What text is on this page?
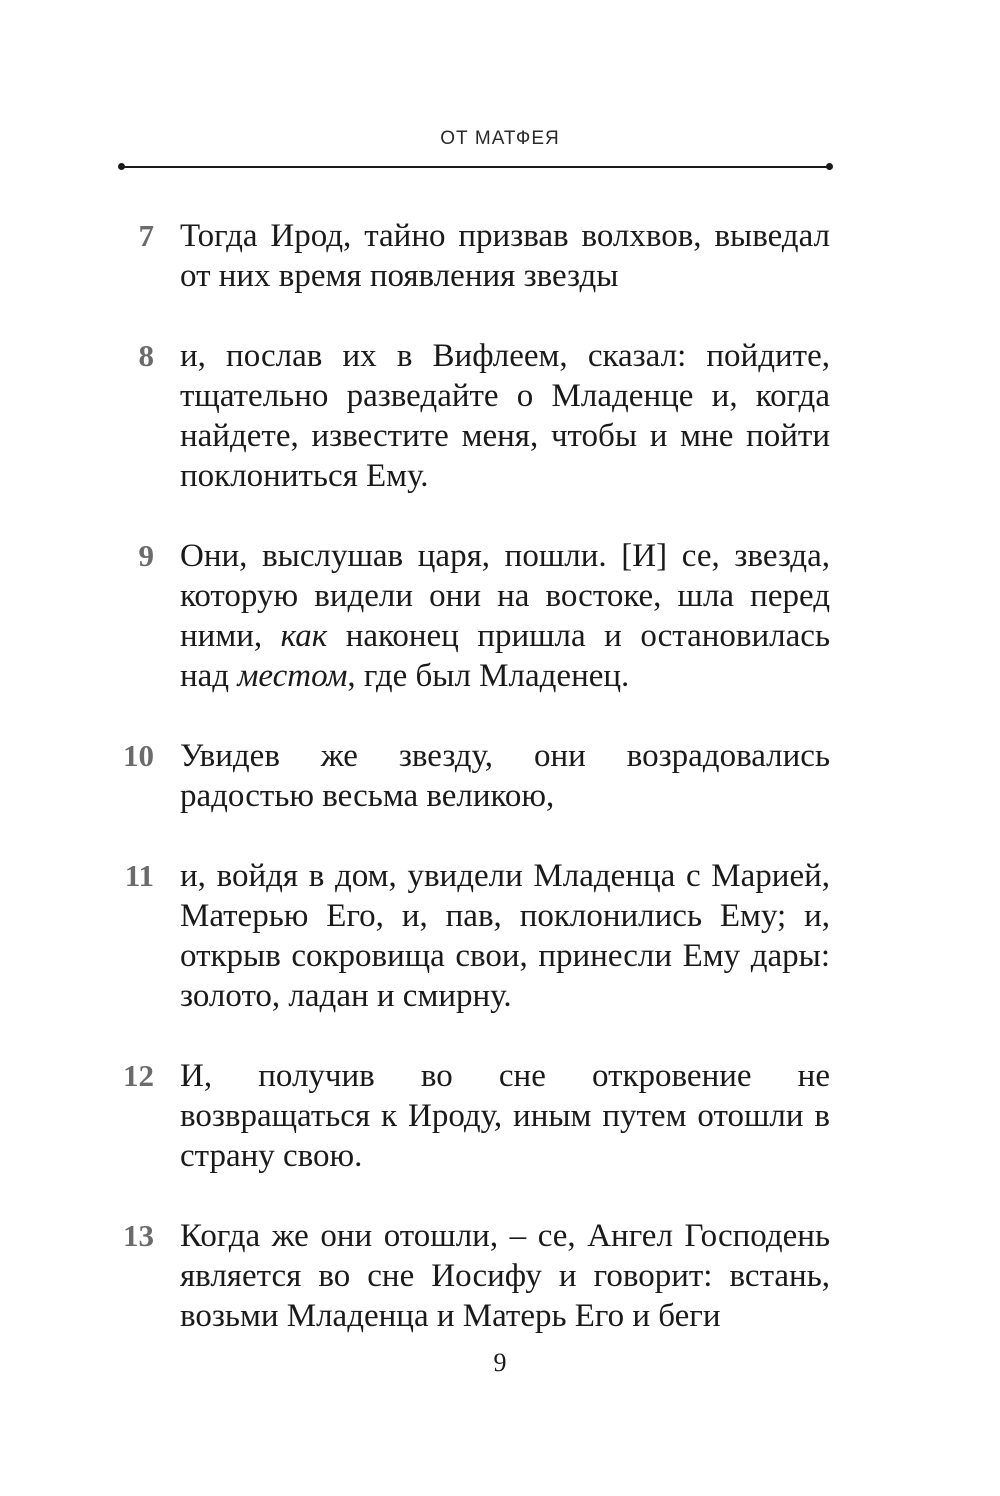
ОТ МАТФЕЯ
7 Тогда Ирод, тайно призвав волхвов, выведал от них время появления звезды
8 и, послав их в Вифлеем, сказал: пойдите, тщательно разведайте о Младенце и, когда найдете, известите меня, чтобы и мне пойти поклониться Ему.
9 Они, выслушав царя, пошли. [И] се, звезда, которую видели они на востоке, шла перед ними, как наконец пришла и остановилась над местом, где был Младенец.
10 Увидев же звезду, они возрадовались радостью весьма великою,
11 и, войдя в дом, увидели Младенца с Марией, Матерью Его, и, пав, поклонились Ему; и, открыв сокровища свои, принесли Ему дары: золото, ладан и смирну.
12 И, получив во сне откровение не возвращаться к Ироду, иным путем отошли в страну свою.
13 Когда же они отошли, – се, Ангел Господень является во сне Иосифу и говорит: встань, возьми Младенца и Матерь Его и беги
9
